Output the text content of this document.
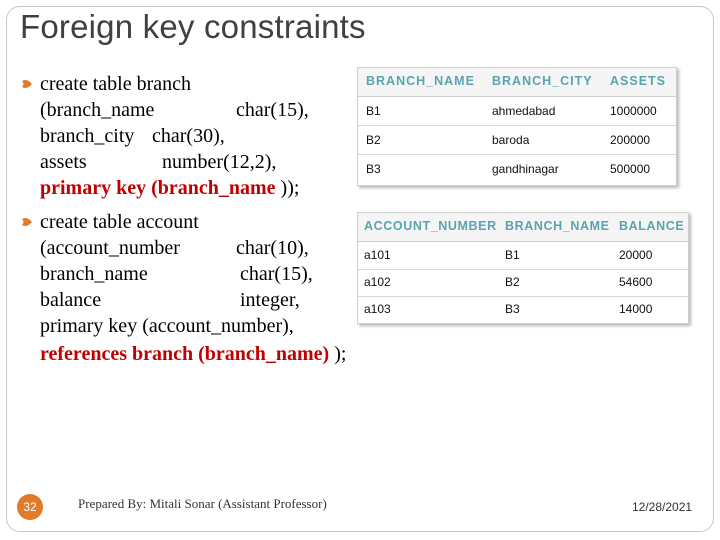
Foreign key constraints
create table branch
(branch_name	char(15),
branch_city char(30),
assets	number(12,2),
primary key (branch_name ));
create table account
(account_number	char(10),
branch_name	char(15),
balance	integer,
primary key (account_number),
references branch (branch_name) );
BRANCH_NAME BRANCH_CITY ASSETS
B1	ahmedabad	1000000
B2	baroda	200000
B3	gandhinagar	500000
ACCOUNT_NUMBER BRANCH_NAME BALANCE
a101	B1	20000
a102	B2	54600
a103	B3	14000
32	Prepared By: Mitali Sonar (Assistant Professor)	12/28/2021
